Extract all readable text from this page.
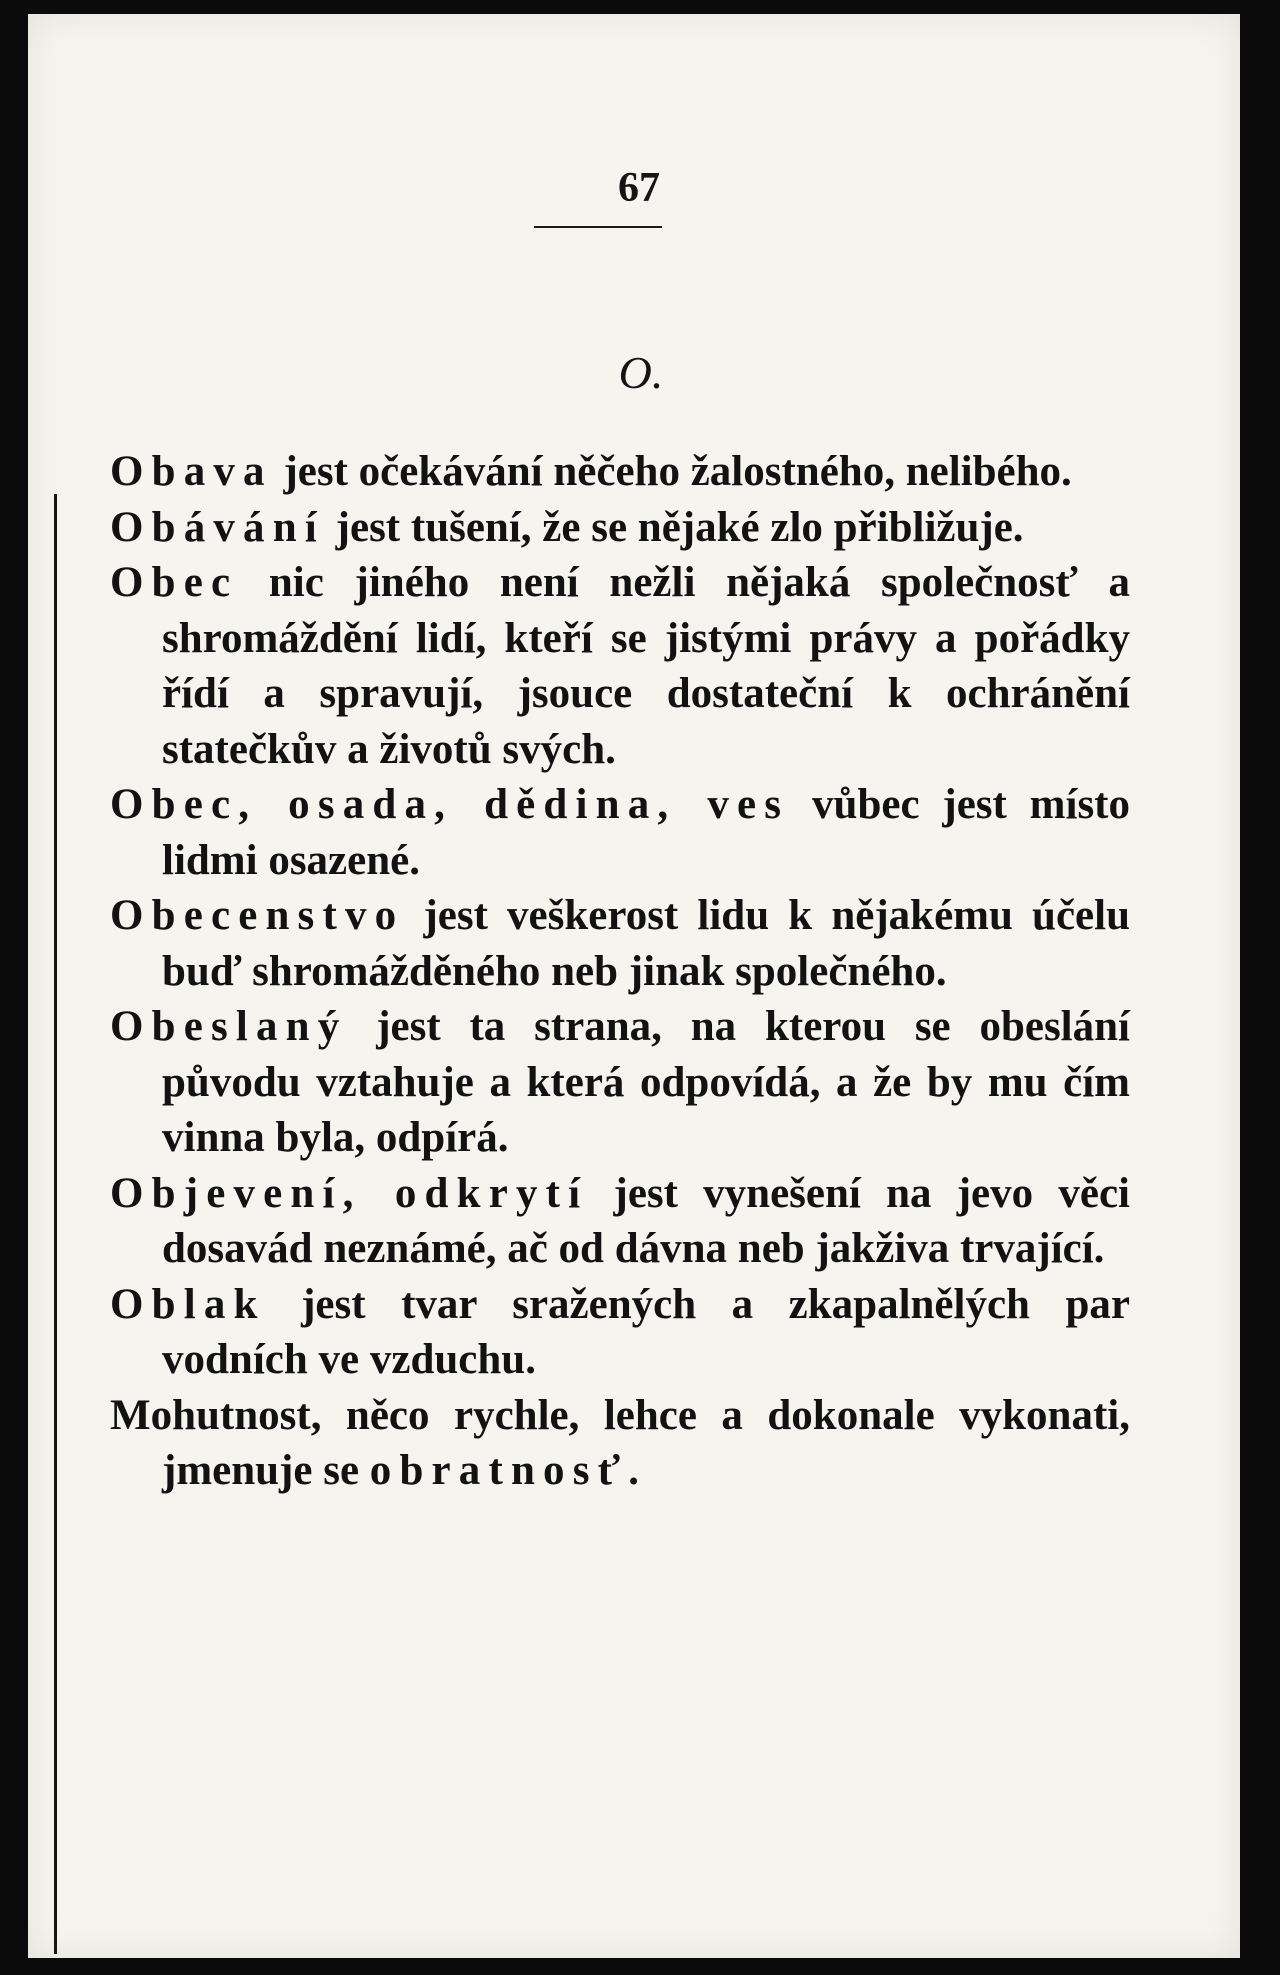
67
O.

Obava jest očekávání něčeho žalostného, nelibého.

Obávání jest tušení, že se nějaké zlo přibližuje.

Obec nic jiného není nežli nějaká společnosť a shromáždění lidí, kteří se jistými právy a pořádky řídí a spravují, jsouce dostateční k ochránění statečkův a životů svých.

Obec, osada, dědina, ves vůbec jest místo lidmi osazené.

Obecenstvo jest veškerost lidu k nějakému účelu buď shromážděného neb jinak společného.

Obeslaný jest ta strana, na kterou se obeslání původu vztahuje a která odpovídá, a že by mu čím vinna byla, odpírá.

Objevení, odkrytí jest vynešení na jevo věci dosavád neznámé, ač od dávna neb jakživa trvající.

Oblak jest tvar sražených a zkapalnělých par vodních ve vzduchu.

Mohutnost, něco rychle, lehce a dokonale vykonati, jmenuje se obratnosť.
